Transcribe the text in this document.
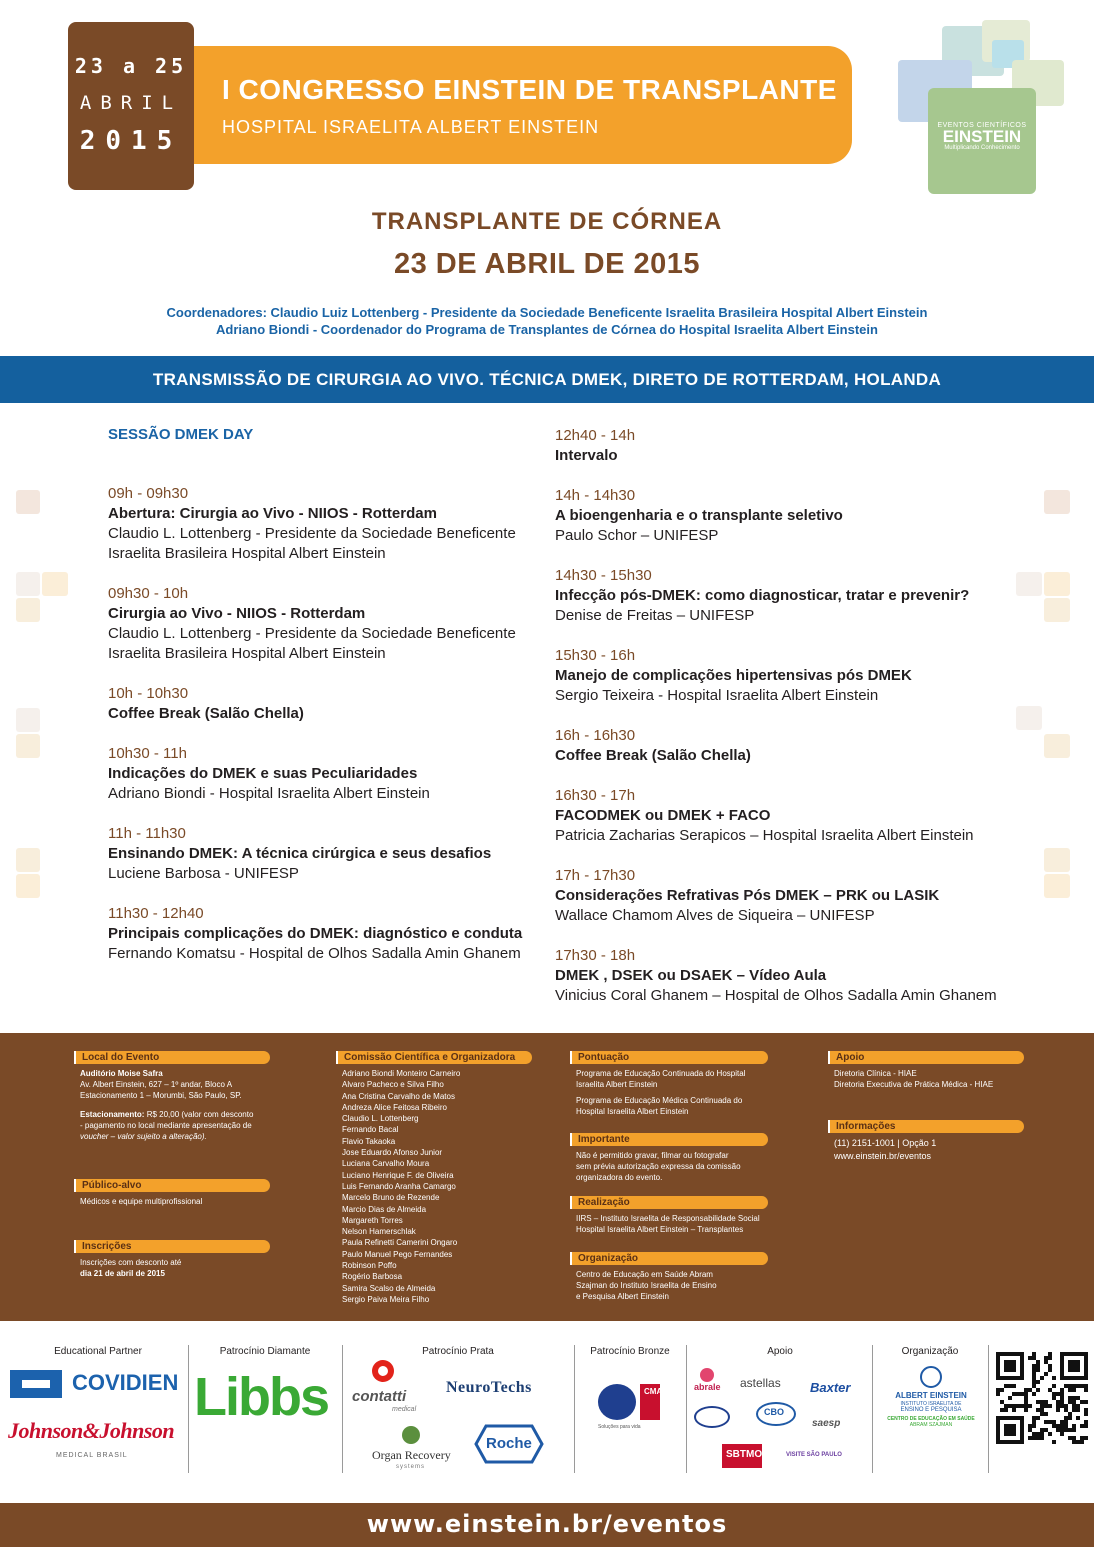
23 a 25
ABRIL
2015
I CONGRESSO EINSTEIN DE TRANSPLANTE
HOSPITAL ISRAELITA ALBERT EINSTEIN	EVENTOS CIENTÍFICOS
EINSTEIN
Multiplicando Conhecimento
TRANSPLANTE DE CÓRNEA
23 DE ABRIL DE 2015
Coordenadores: Claudio Luiz Lottenberg - Presidente da Sociedade Beneficente Israelita Brasileira Hospital Albert Einstein
Adriano Biondi - Coordenador do Programa de Transplantes de Córnea do Hospital Israelita Albert Einstein
TRANSMISSÃO DE CIRURGIA AO VIVO. TÉCNICA DMEK, DIRETO DE ROTTERDAM, HOLANDA
SESSÃO DMEK DAY
09h - 09h30
Abertura: Cirurgia ao Vivo - NIIOS - Rotterdam
Claudio L. Lottenberg - Presidente da Sociedade Beneficente Israelita Brasileira Hospital Albert Einstein
09h30 - 10h
Cirurgia ao Vivo - NIIOS - Rotterdam
Claudio L. Lottenberg - Presidente da Sociedade Beneficente Israelita Brasileira Hospital Albert Einstein
10h - 10h30
Coffee Break (Salão Chella)
10h30 - 11h
Indicações do DMEK e suas Peculiaridades
Adriano Biondi - Hospital Israelita Albert Einstein
11h - 11h30
Ensinando DMEK: A técnica cirúrgica e seus desafios
Luciene Barbosa - UNIFESP
11h30 - 12h40
Principais complicações do DMEK: diagnóstico e conduta
Fernando Komatsu - Hospital de Olhos Sadalla Amin Ghanem
12h40 - 14h
Intervalo
14h - 14h30
A bioengenharia e o transplante seletivo
Paulo Schor – UNIFESP
14h30 - 15h30
Infecção pós-DMEK: como diagnosticar, tratar e prevenir?
Denise de Freitas – UNIFESP
15h30 - 16h
Manejo de complicações hipertensivas pós DMEK
Sergio Teixeira - Hospital Israelita Albert Einstein
16h - 16h30
Coffee Break (Salão Chella)
16h30 - 17h
FACODMEK ou DMEK + FACO
Patricia Zacharias Serapicos – Hospital Israelita Albert Einstein
17h - 17h30
Considerações Refrativas Pós DMEK – PRK ou LASIK
Wallace Chamom Alves de Siqueira – UNIFESP
17h30 - 18h
DMEK , DSEK ou DSAEK – Vídeo Aula
Vinicius Coral Ghanem – Hospital de Olhos Sadalla Amin Ghanem
Local do Evento
Auditório Moise Safra
Av. Albert Einstein, 627 – 1º andar, Bloco A
Estacionamento 1 – Morumbi, São Paulo, SP.
Estacionamento: R$ 20,00 (valor com desconto
- pagamento no local mediante apresentação de
voucher – valor sujeito a alteração).
Público-alvo
Médicos e equipe multiprofissional
Inscrições
Inscrições com desconto até
dia 21 de abril de 2015
Comissão Científica e Organizadora
Adriano Biondi Monteiro Carneiro
Alvaro Pacheco e Silva Filho
Ana Cristina Carvalho de Matos
Andreza Alice Feitosa Ribeiro
Claudio L. Lottenberg
Fernando Bacal
Flavio Takaoka
Jose Eduardo Afonso Junior
Luciana Carvalho Moura
Luciano Henrique F. de Oliveira
Luis Fernando Aranha Camargo
Marcelo Bruno de Rezende
Marcio Dias de Almeida
Margareth Torres
Nelson Hamerschlak
Paula Refinetti Camerini Ongaro
Paulo Manuel Pego Fernandes
Robinson Poffo
Rogério Barbosa
Samira Scalso de Almeida
Sergio Paiva Meira Filho
Pontuação
Programa de Educação Continuada do Hospital
Israelita Albert Einstein
Programa de Educação Médica Continuada do
Hospital Israelita Albert Einstein
Importante
Não é permitido gravar, filmar ou fotografar
sem prévia autorização expressa da comissão
organizadora do evento.
Realização
IIRS – Instituto Israelita de Responsabilidade Social
Hospital Israelita Albert Einstein – Transplantes
Organização
Centro de Educação em Saúde Abram
Szajman do Instituto Israelita de Ensino
e Pesquisa Albert Einstein
Apoio
Diretoria Clínica - HIAE
Diretoria Executiva de Prática Médica - HIAE
Informações
(11) 2151-1001 | Opção 1
www.einstein.br/eventos
Educational Partner	Patrocínio Diamante	Patrocínio Prata	Patrocínio Bronze	Apoio	Organização
COVIDIEN
Johnson&Johnson
MEDICAL BRASIL
Libbs contatti
medical
NeuroTechs
Organ Recovery
systems
Roche
CMA
Soluções para vida
abrale astellas Baxter
CBO
saesp
SBTMO	VISITE SÃO PAULO
ALBERT EINSTEIN
INSTITUTO ISRAELITA DE
ENSINO E PESQUISA
CENTRO DE EDUCAÇÃO EM SAÚDE
ABRAM SZAJMAN
www.einstein.br/eventos
